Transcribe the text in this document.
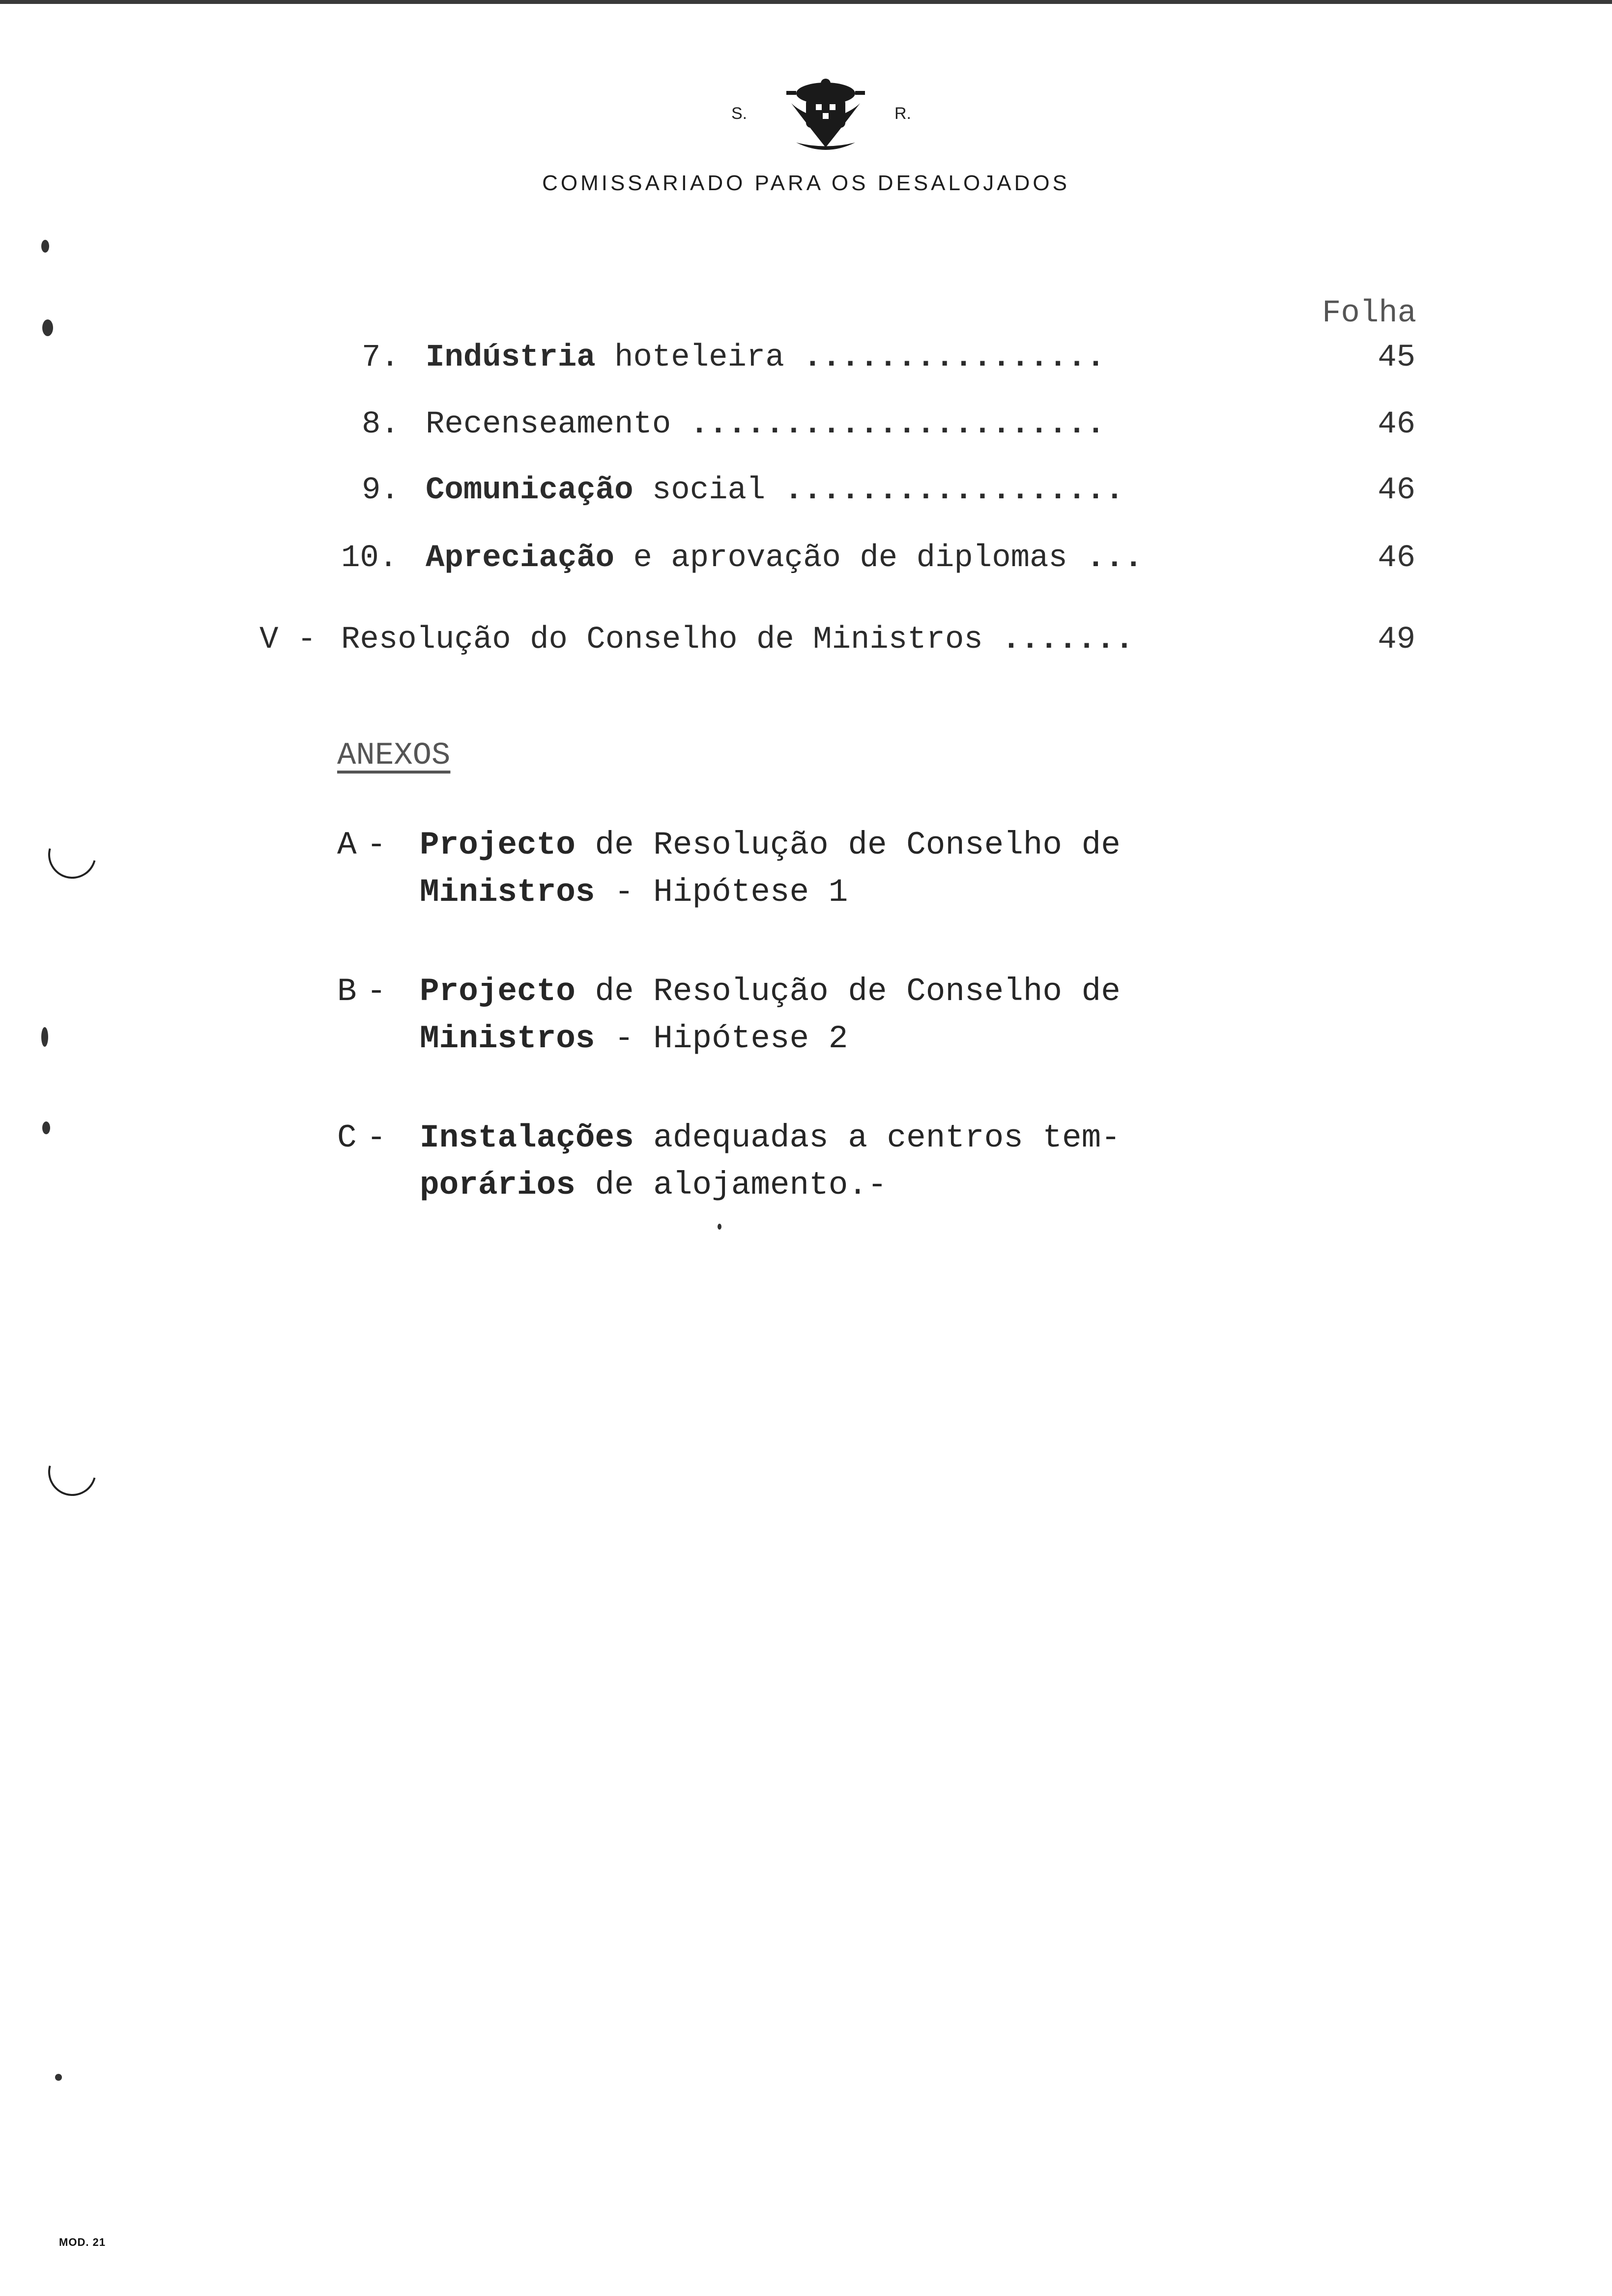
S.	R.
COMISSARIADO PARA OS DESALOJADOS
Folha
7. Indústria hoteleira ................	45
8. Recenseamento ......................	46
9. Comunicação social ..................	46
10. Apreciação e aprovação de diplomas ...	46
V - Resolução do Conselho de Ministros .......	49
ANEXOS
A - Projecto de Resolução de Conselho de
Ministros - Hipótese 1
B - Projecto de Resolução de Conselho de
Ministros - Hipótese 2
C - Instalações adequadas a centros tem-
porários de alojamento.-
MOD. 21
